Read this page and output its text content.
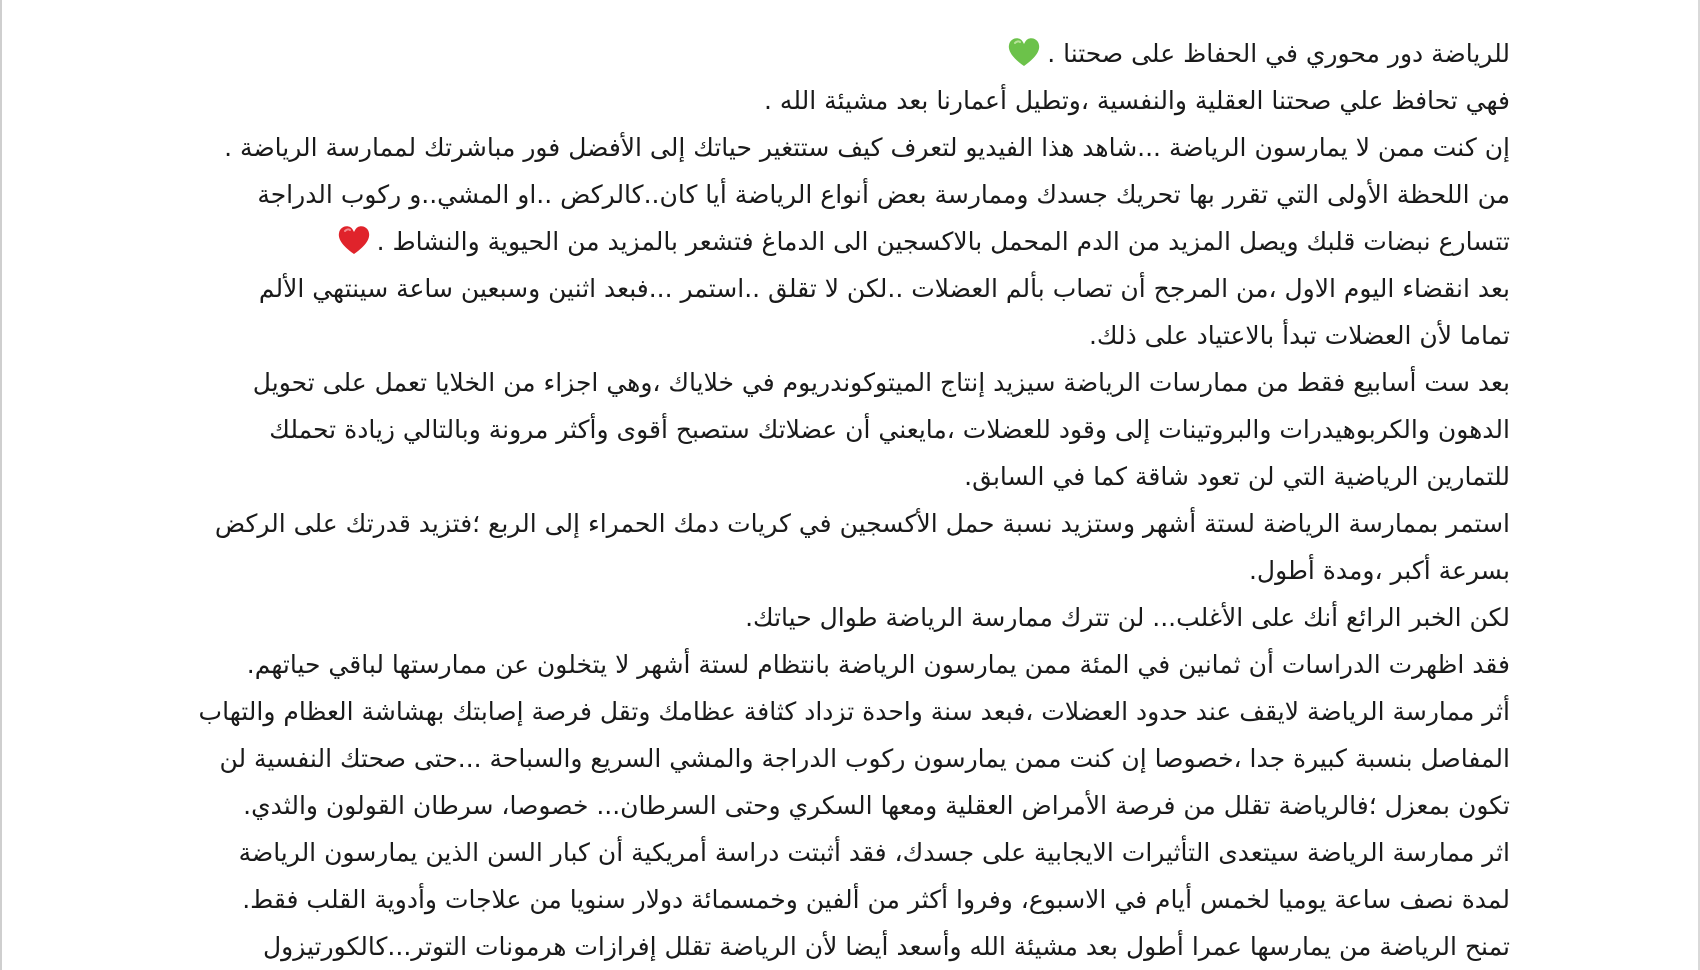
للرياضة دور محوري في الحفاظ على صحتنا .
فهي تحافظ علي صحتنا العقلية والنفسية ،وتطيل أعمارنا بعد مشيئة الله .
إن كنت ممن لا يمارسون الرياضة ...شاهد هذا الفيديو لتعرف كيف ستتغير حياتك إلى الأفضل فور مباشرتك لممارسة الرياضة .
من اللحظة الأولى التي تقرر بها تحريك جسدك وممارسة بعض أنواع الرياضة أيا كان..كالركض ..او المشي..و ركوب الدراجة
تتسارع نبضات قلبك ويصل المزيد من الدم المحمل بالاكسجين الى الدماغ فتشعر بالمزيد من الحيوية والنشاط .
بعد انقضاء اليوم الاول ،من المرجح أن تصاب بألم العضلات ..لكن لا تقلق ..استمر ...فبعد اثنين وسبعين ساعة سينتهي الألم
تماما لأن العضلات تبدأ بالاعتياد على ذلك.
بعد ست أسابيع فقط من ممارسات الرياضة سيزيد إنتاج الميتوكوندريوم في خلاياك ،وهي اجزاء من الخلايا تعمل على تحويل
الدهون والكربوهيدرات والبروتينات إلى وقود للعضلات ،مايعني أن عضلاتك ستصبح أقوى وأكثر مرونة وبالتالي زيادة تحملك
للتمارين الرياضية التي لن تعود شاقة كما في السابق.
استمر بممارسة الرياضة لستة أشهر وستزيد نسبة حمل الأكسجين في كريات دمك الحمراء إلى الربع ؛فتزيد قدرتك على الركض
بسرعة أكبر ،ومدة أطول.
لكن الخبر الرائع أنك على الأغلب... لن تترك ممارسة الرياضة طوال حياتك.
فقد اظهرت الدراسات أن ثمانين في المئة ممن يمارسون الرياضة بانتظام لستة أشهر لا يتخلون عن ممارستها لباقي حياتهم.
أثر ممارسة الرياضة لايقف عند حدود العضلات ،فبعد سنة واحدة تزداد كثافة عظامك وتقل فرصة إصابتك بهشاشة العظام والتهاب
المفاصل بنسبة كبيرة جدا ،خصوصا إن كنت ممن يمارسون ركوب الدراجة والمشي السريع والسباحة ...حتى صحتك النفسية لن
تكون بمعزل ؛فالرياضة تقلل من فرصة الأمراض العقلية ومعها السكري وحتى السرطان... خصوصا، سرطان القولون والثدي.
اثر ممارسة الرياضة سيتعدى التأثيرات الايجابية على جسدك، فقد أثبتت دراسة أمريكية أن كبار السن الذين يمارسون الرياضة
لمدة نصف ساعة يوميا لخمس أيام في الاسبوع، وفروا أكثر من ألفين وخمسمائة دولار سنويا من علاجات وأدوية القلب فقط.
تمنح الرياضة من يمارسها عمرا أطول بعد مشيئة الله وأسعد أيضا لأن الرياضة تقلل إفرازات هرمونات التوتر...كالكورتيزول
